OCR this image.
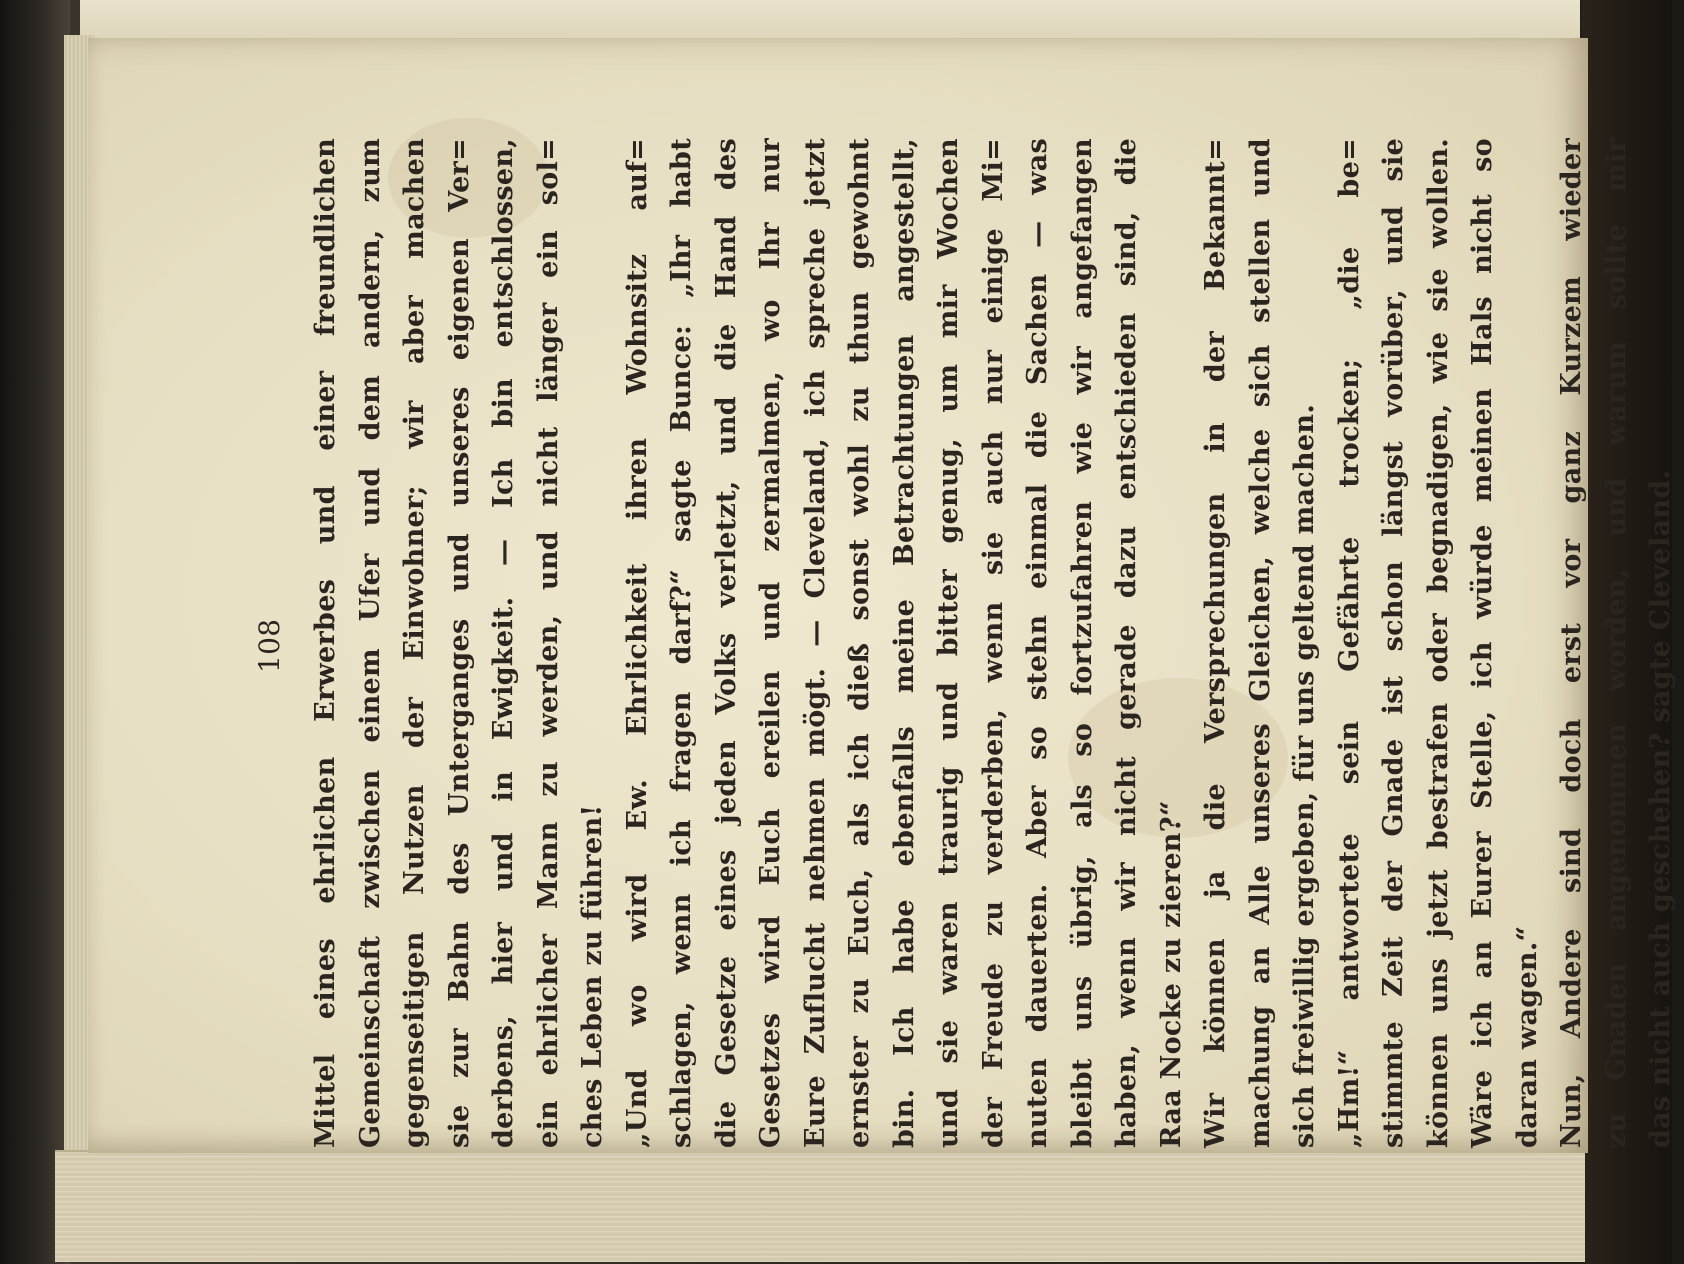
108 Mittel eines ehrlichen Erwerbes und einer freundlichen Gemeinschaft zwischen einem Ufer und dem andern, zum gegenseitigen Nutzen der Einwohner; wir aber machen sie zur Bahn des Unterganges und unseres eigenen Ver= derbens, hier und in Ewigkeit. — Ich bin entschlossen, ein ehrlicher Mann zu werden, und nicht länger ein sol= ches Leben zu führen! „Und wo wird Ew. Ehrlichkeit ihren Wohnsitz auf= schlagen, wenn ich fragen darf?“ sagte Bunce: „Ihr habt die Gesetze eines jeden Volks verletzt, und die Hand des Gesetzes wird Euch ereilen und zermalmen, wo Ihr nur Eure Zuflucht nehmen mögt. — Cleveland, ich spreche jetzt ernster zu Euch, als ich dieß sonst wohl zu thun gewohnt bin. Ich habe ebenfalls meine Betrachtungen angestellt, und sie waren traurig und bitter genug, um mir Wochen der Freude zu verderben, wenn sie auch nur einige Mi= nuten dauerten. Aber so stehn einmal die Sachen — was bleibt uns übrig, als so fortzufahren wie wir angefangen haben, wenn wir nicht gerade dazu entschieden sind, die Raa Nocke zu zieren?“ Wir können ja die Versprechungen in der Bekannt= machung an Alle unseres Gleichen, welche sich stellen und sich freiwillig ergeben, für uns geltend machen. „Hm!“ antwortete sein Gefährte trocken; „die be= stimmte Zeit der Gnade ist schon längst vorüber, und sie können uns jetzt bestrafen oder begnadigen, wie sie wollen. Wäre ich an Eurer Stelle, ich würde meinen Hals nicht so daran wagen.“ Nun, Andere sind doch erst vor ganz Kurzem wieder zu Gnaden angenommen worden, und warum sollte mir das nicht auch geschehen? sagte Cleveland.
